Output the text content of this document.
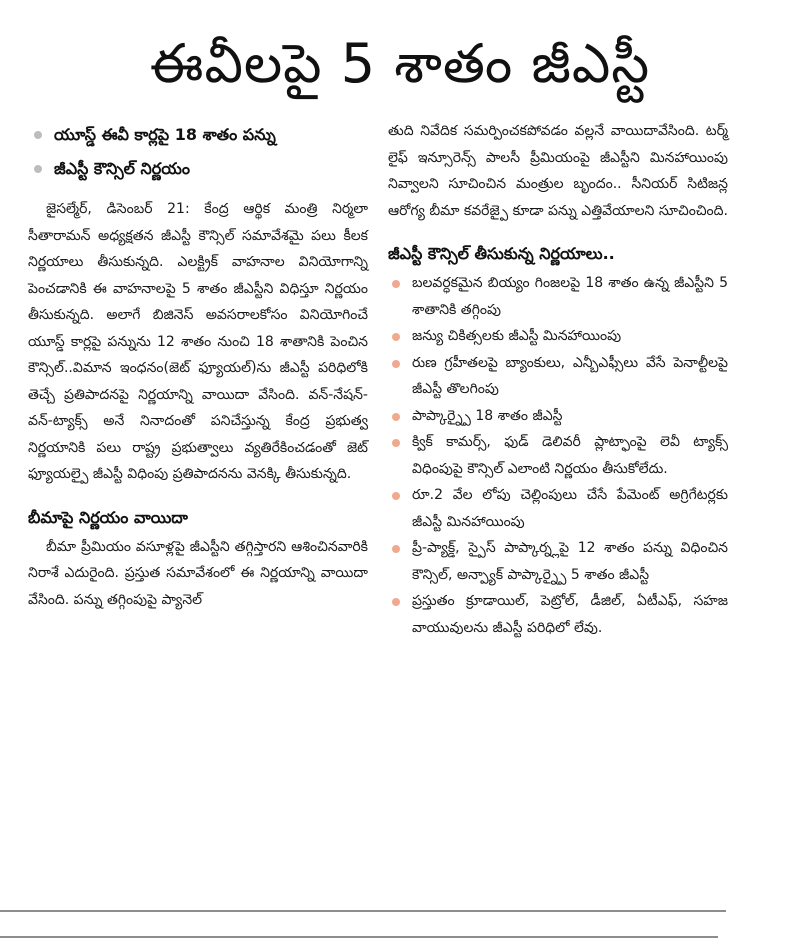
ఈవీలపై 5 శాతం జీఎస్టీ
యూస్డ్ ఈవీ కార్లపై 18 శాతం పన్ను
జీఎస్టీ కౌన్సిల్ నిర్ణయం

జైసల్మేర్, డిసెంబర్ 21: కేంద్ర ఆర్థిక మంత్రి నిర్మలా సీతారామన్ అధ్యక్షతన జీఎస్టీ కౌన్సిల్ సమావేశమై పలు కీలక నిర్ణయాలు తీసుకున్నది. ఎలక్ట్రిక్ వాహనాల వినియోగాన్ని పెంచడానికి ఈ వాహనాలపై 5 శాతం జీఎస్టీని విధిస్తూ నిర్ణయం తీసుకున్నది. అలాగే బిజినెస్ అవసరాలకోసం వినియోగించే యూస్డ్ కార్లపై పన్నును 12 శాతం నుంచి 18 శాతానికి పెంచిన కౌన్సిల్..విమాన ఇంధనం(జెట్ ఫ్యూయల్)ను జీఎస్టీ పరిధిలోకి తెచ్చే ప్రతిపాదనపై నిర్ణయాన్ని వాయిదా వేసింది. వన్-నేషన్-వన్-ట్యాక్స్ అనే నినాదంతో పనిచేస్తున్న కేంద్ర ప్రభుత్వ నిర్ణయానికి పలు రాష్ట్ర ప్రభుత్వాలు వ్యతిరేకించడంతో జెట్ ఫ్యూయల్పై జీఎస్టీ విధింపు ప్రతిపాదనను వెనక్కి తీసుకున్నది.

బీమాపై నిర్ణయం వాయిదా

బీమా ప్రీమియం వసూళ్లపై జీఎస్టీని తగ్గిస్తారని ఆశించినవారికి నిరాశే ఎదురైంది. ప్రస్తుత సమావేశంలో ఈ నిర్ణయాన్ని వాయిదా వేసింది. పన్ను తగ్గింపుపై ప్యానెల్

తుది నివేదిక సమర్పించకపోవడం వల్లనే వాయిదావేసింది. టర్మ్ లైఫ్ ఇన్సూరెన్స్ పాలసీ ప్రీమియంపై జీఎస్టీని మినహాయింపు నివ్వాలని సూచించిన మంత్రుల బృందం.. సీనియర్ సిటిజన్ల ఆరోగ్య బీమా కవరేజ్పై కూడా పన్ను ఎత్తివేయాలని సూచించింది.

జీఎస్టీ కౌన్సిల్ తీసుకున్న నిర్ణయాలు..
బలవర్ధకమైన బియ్యం గింజలపై 18 శాతం ఉన్న జీఎస్టీని 5 శాతానికి తగ్గింపు
జన్యు చికిత్సలకు జీఎస్టీ మినహాయింపు
రుణ గ్రహీతలపై బ్యాంకులు, ఎన్బీఎఫ్సీలు వేసే పెనాల్టీలపై జీఎస్టీ తొలగింపు
పాప్కార్న్పై 18 శాతం జీఎస్టీ
క్విక్ కామర్స్, ఫుడ్ డెలివరీ ప్లాట్ఫాంపై లెవీ ట్యాక్స్ విధింపుపై కౌన్సిల్ ఎలాంటి నిర్ణయం తీసుకోలేదు.
రూ.2 వేల లోపు చెల్లింపులు చేసే పేమెంట్ అగ్రిగేటర్లకు జీఎస్టీ మినహాయింపు
ప్రీ-ప్యాక్డ్, స్పైస్ పాప్కార్న్లపై 12 శాతం పన్ను విధించిన కౌన్సిల్, అన్ప్యాక్ పాప్కార్న్పై 5 శాతం జీఎస్టీ
ప్రస్తుతం క్రూడాయిల్, పెట్రోల్, డీజిల్, ఏటీఎఫ్, సహజ వాయువులను జీఎస్టీ పరిధిలో లేవు.
